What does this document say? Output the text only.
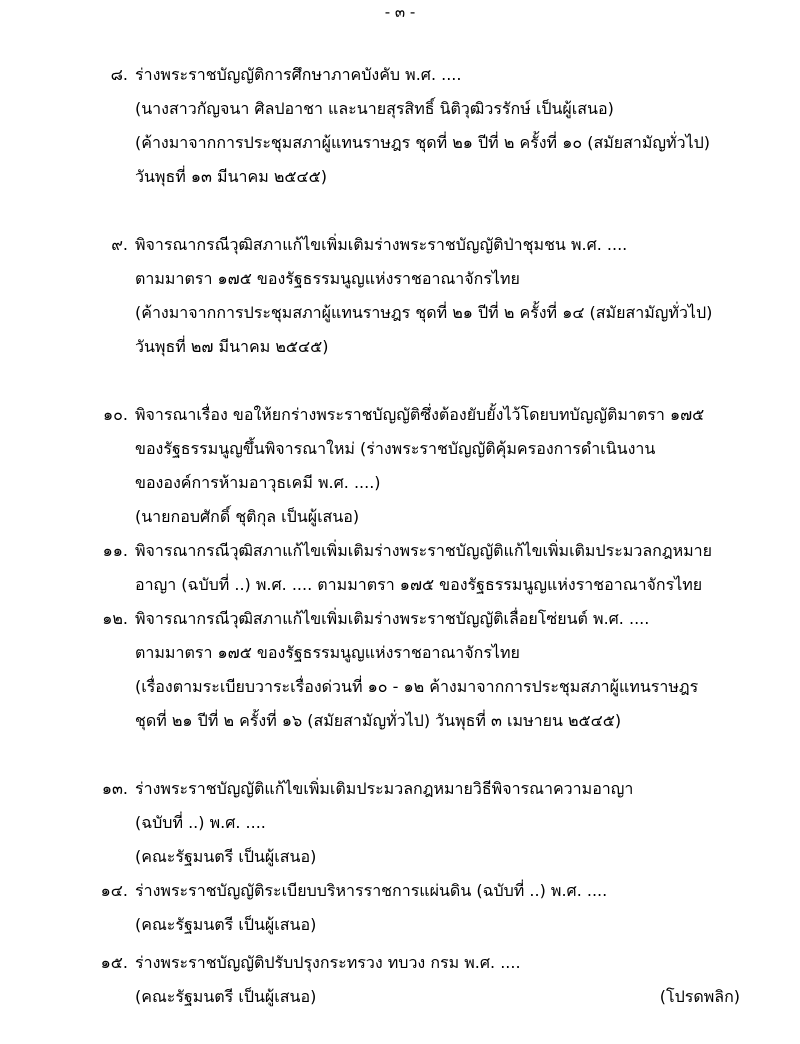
- ๓ -
๘. ร่างพระราชบัญญัติการศึกษาภาคบังคับ พ.ศ. ....
(นางสาวกัญจนา ศิลปอาชา และนายสุรสิทธิ์ นิติวุฒิวรรักษ์ เป็นผู้เสนอ)
(ค้างมาจากการประชุมสภาผู้แทนราษฎร ชุดที่ ๒๑ ปีที่ ๒ ครั้งที่ ๑๐ (สมัยสามัญทั่วไป)
วันพุธที่ ๑๓ มีนาคม ๒๕๔๕)
๙. พิจารณากรณีวุฒิสภาแก้ไขเพิ่มเติมร่างพระราชบัญญัติป่าชุมชน พ.ศ. ....
ตามมาตรา ๑๗๕ ของรัฐธรรมนูญแห่งราชอาณาจักรไทย
(ค้างมาจากการประชุมสภาผู้แทนราษฎร ชุดที่ ๒๑ ปีที่ ๒ ครั้งที่ ๑๔ (สมัยสามัญทั่วไป)
วันพุธที่ ๒๗ มีนาคม ๒๕๔๕)
๑๐. พิจารณาเรื่อง ขอให้ยกร่างพระราชบัญญัติซึ่งต้องยับยั้งไว้โดยบทบัญญัติมาตรา ๑๗๕
ของรัฐธรรมนูญขึ้นพิจารณาใหม่ (ร่างพระราชบัญญัติคุ้มครองการดำเนินงาน
ขององค์การห้ามอาวุธเคมี พ.ศ. ....)
(นายกอบศักดิ์ ชุติกุล เป็นผู้เสนอ)
๑๑. พิจารณากรณีวุฒิสภาแก้ไขเพิ่มเติมร่างพระราชบัญญัติแก้ไขเพิ่มเติมประมวลกฎหมาย
อาญา (ฉบับที่ ..) พ.ศ. .... ตามมาตรา ๑๗๕ ของรัฐธรรมนูญแห่งราชอาณาจักรไทย
๑๒. พิจารณากรณีวุฒิสภาแก้ไขเพิ่มเติมร่างพระราชบัญญัติเลื่อยโซ่ยนต์ พ.ศ. ....
ตามมาตรา ๑๗๕ ของรัฐธรรมนูญแห่งราชอาณาจักรไทย
(เรื่องตามระเบียบวาระเรื่องด่วนที่ ๑๐ - ๑๒ ค้างมาจากการประชุมสภาผู้แทนราษฎร
ชุดที่ ๒๑ ปีที่ ๒ ครั้งที่ ๑๖ (สมัยสามัญทั่วไป) วันพุธที่ ๓ เมษายน ๒๕๔๕)
๑๓. ร่างพระราชบัญญัติแก้ไขเพิ่มเติมประมวลกฎหมายวิธีพิจารณาความอาญา
(ฉบับที่ ..) พ.ศ. ....
(คณะรัฐมนตรี เป็นผู้เสนอ)
๑๔. ร่างพระราชบัญญัติระเบียบบริหารราชการแผ่นดิน (ฉบับที่ ..) พ.ศ. ....
(คณะรัฐมนตรี เป็นผู้เสนอ)
๑๕. ร่างพระราชบัญญัติปรับปรุงกระทรวง ทบวง กรม พ.ศ. ....
(คณะรัฐมนตรี เป็นผู้เสนอ)	(โปรดพลิก)
